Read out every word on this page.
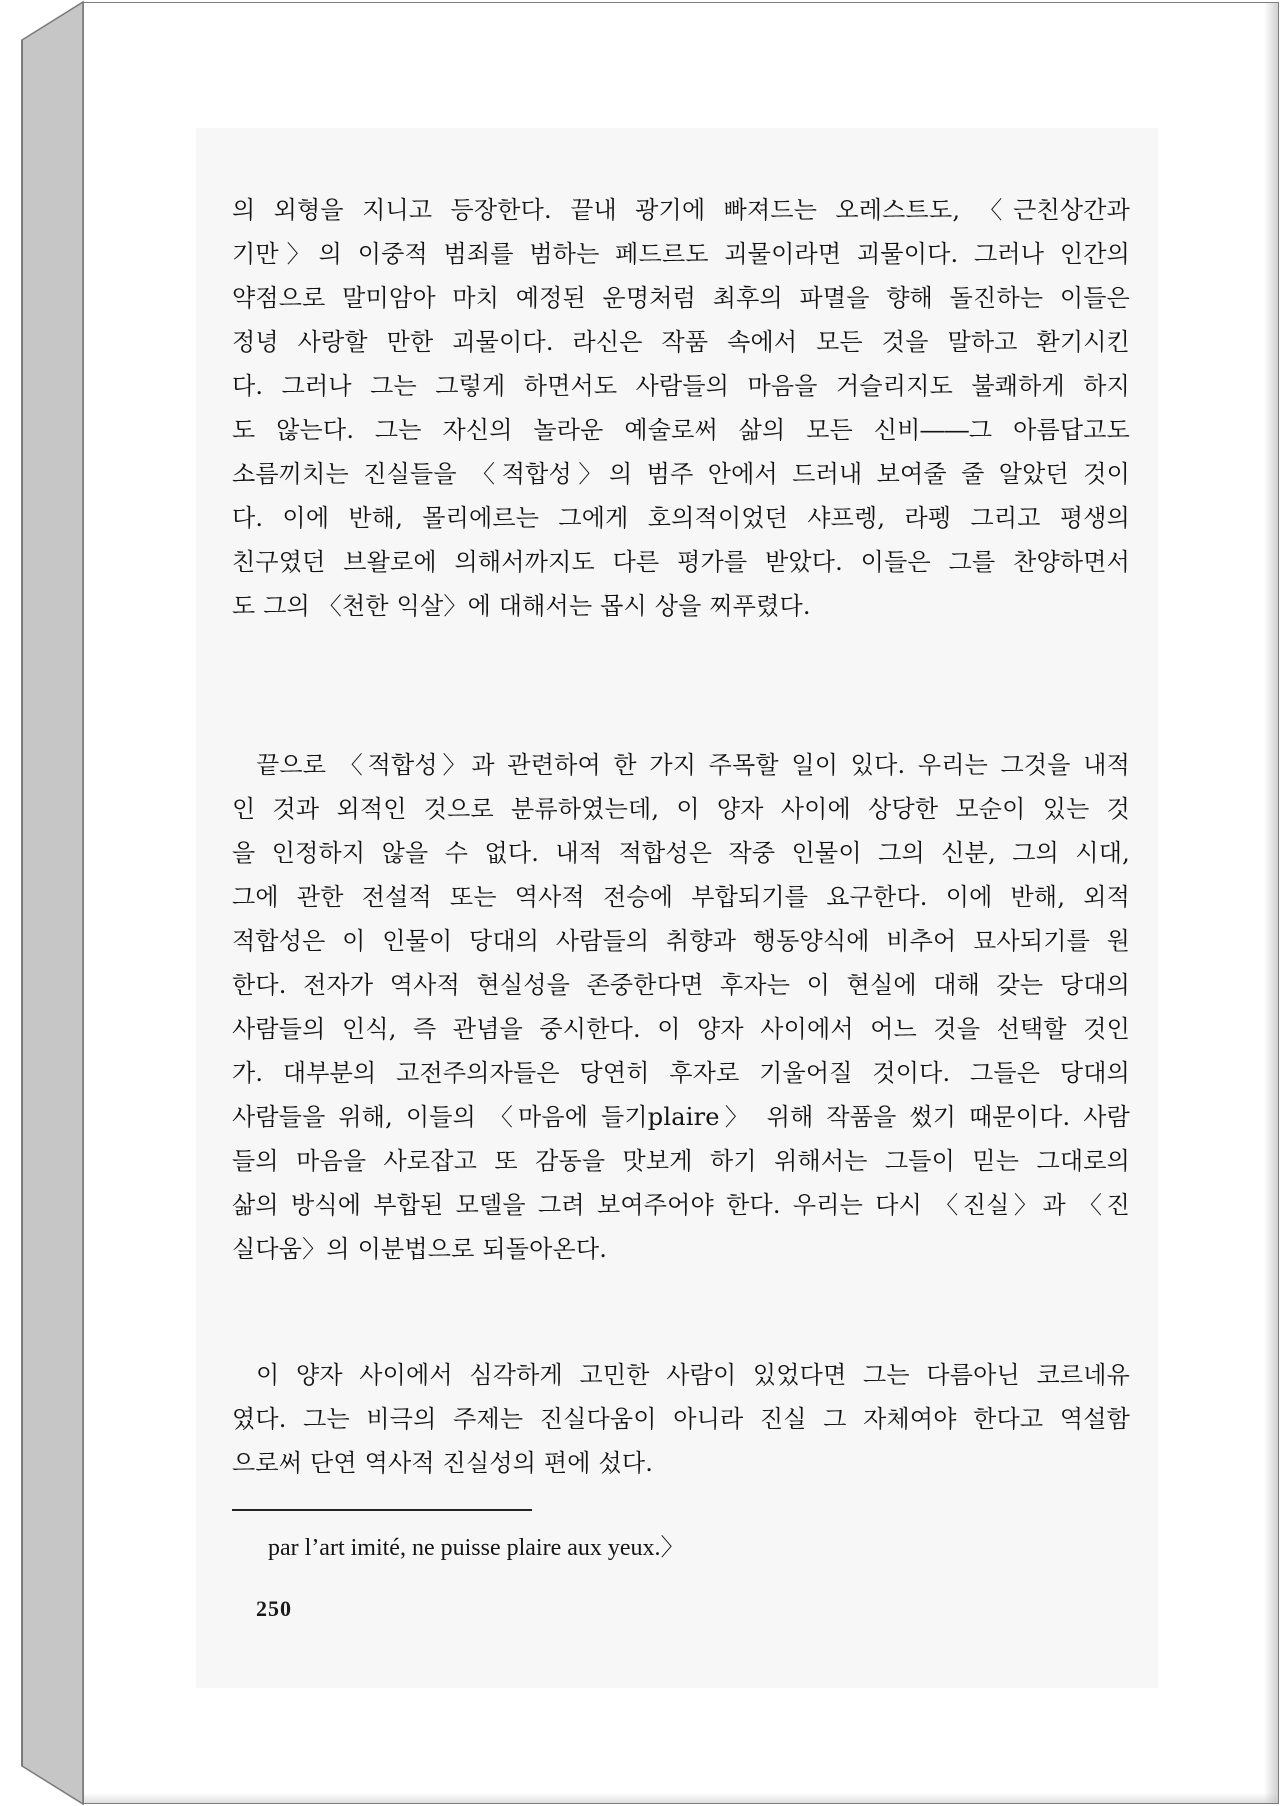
의 외형을 지니고 등장한다. 끝내 광기에 빠져드는 오레스트도, 〈근친상간과
기만〉의 이중적 범죄를 범하는 페드르도 괴물이라면 괴물이다. 그러나 인간의
약점으로 말미암아 마치 예정된 운명처럼 최후의 파멸을 향해 돌진하는 이들은
정녕 사랑할 만한 괴물이다. 라신은 작품 속에서 모든 것을 말하고 환기시킨
다. 그러나 그는 그렇게 하면서도 사람들의 마음을 거슬리지도 불쾌하게 하지
도 않는다. 그는 자신의 놀라운 예술로써 삶의 모든 신비――그 아름답고도
소름끼치는 진실들을 〈적합성〉의 범주 안에서 드러내 보여줄 줄 알았던 것이
다. 이에 반해, 몰리에르는 그에게 호의적이었던 샤프렝, 라펭 그리고 평생의
친구였던 브왈로에 의해서까지도 다른 평가를 받았다. 이들은 그를 찬양하면서
도 그의 〈천한 익살〉에 대해서는 몹시 상을 찌푸렸다.
끝으로 〈적합성〉과 관련하여 한 가지 주목할 일이 있다. 우리는 그것을 내적
인 것과 외적인 것으로 분류하였는데, 이 양자 사이에 상당한 모순이 있는 것
을 인정하지 않을 수 없다. 내적 적합성은 작중 인물이 그의 신분, 그의 시대,
그에 관한 전설적 또는 역사적 전승에 부합되기를 요구한다. 이에 반해, 외적
적합성은 이 인물이 당대의 사람들의 취향과 행동양식에 비추어 묘사되기를 원
한다. 전자가 역사적 현실성을 존중한다면 후자는 이 현실에 대해 갖는 당대의
사람들의 인식, 즉 관념을 중시한다. 이 양자 사이에서 어느 것을 선택할 것인
가. 대부분의 고전주의자들은 당연히 후자로 기울어질 것이다. 그들은 당대의
사람들을 위해, 이들의 〈마음에 들기plaire〉 위해 작품을 썼기 때문이다. 사람
들의 마음을 사로잡고 또 감동을 맛보게 하기 위해서는 그들이 믿는 그대로의
삶의 방식에 부합된 모델을 그려 보여주어야 한다. 우리는 다시 〈진실〉과 〈진
실다움〉의 이분법으로 되돌아온다.
이 양자 사이에서 심각하게 고민한 사람이 있었다면 그는 다름아닌 코르네유
였다. 그는 비극의 주제는 진실다움이 아니라 진실 그 자체여야 한다고 역설함
으로써 단연 역사적 진실성의 편에 섰다.
par l’art imité, ne puisse plaire aux yeux.〉
250
